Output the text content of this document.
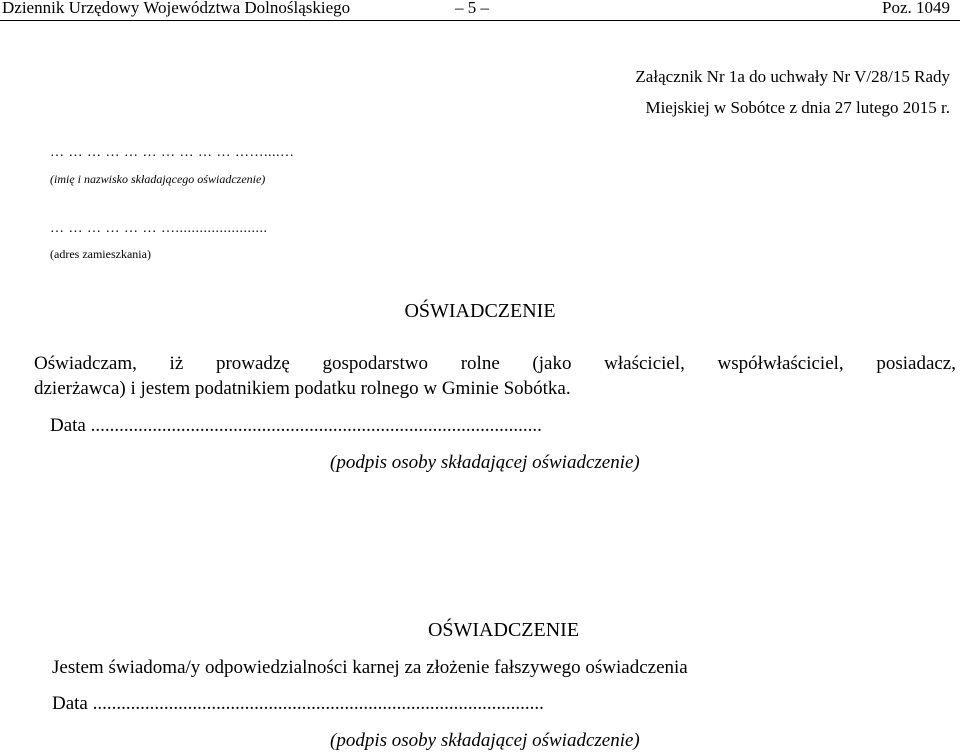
Dziennik Urzędowy Województwa Dolnośląskiego	– 5 –	Poz. 1049
Załącznik Nr 1a do uchwały Nr V/28/15 Rady
Miejskiej w Sobótce z dnia 27 lutego 2015 r.
… … … … … … … … … … ……....…
(imię i nazwisko składającego oświadczenie)
… … … … … … ….......................
(adres zamieszkania)
OŚWIADCZENIE
Oświadczam, iż prowadzę gospodarstwo rolne (jako właściciel, współwłaściciel, posiadacz,
dzierżawca) i jestem podatnikiem podatku rolnego w Gminie Sobótka.
Data ...............................................................................................
(podpis osoby składającej oświadczenie)
OŚWIADCZENIE
Jestem świadoma/y odpowiedzialności karnej za złożenie fałszywego oświadczenia
Data ...............................................................................................
(podpis osoby składającej oświadczenie)
